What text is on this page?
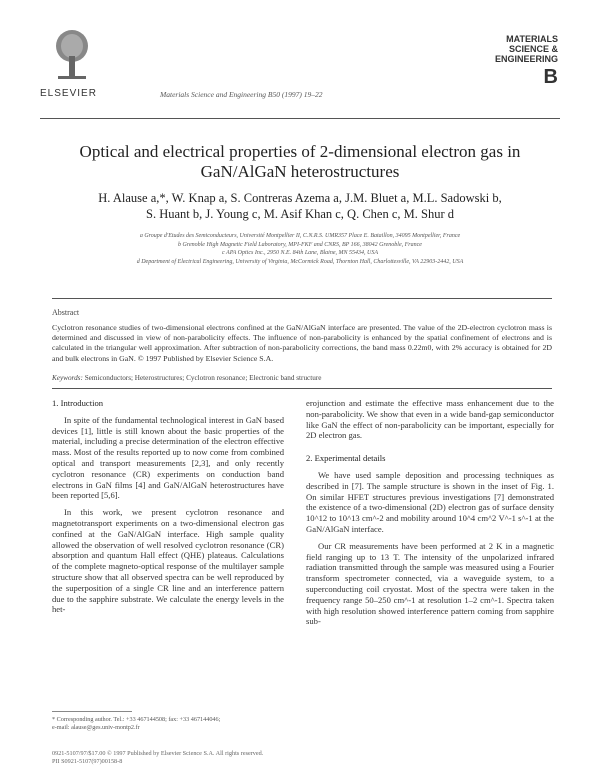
ELSEVIER	Materials Science and Engineering B50 (1997) 19–22
MATERIALS
SCIENCE &
ENGINEERING
B
Optical and electrical properties of 2-dimensional electron gas in
GaN/AlGaN heterostructures
H. Alause a,*, W. Knap a, S. Contreras Azema a, J.M. Bluet a, M.L. Sadowski b,
S. Huant b, J. Young c, M. Asif Khan c, Q. Chen c, M. Shur d
a Groupe d'Etudes des Semiconducteurs, Université Montpellier II, C.N.R.S. UMR357 Place E. Bataillon, 34095 Montpellier, France
b Grenoble High Magnetic Field Laboratory, MPI-FKF and CNRS, BP 166, 38042 Grenoble, France
c APA Optics Inc., 2950 N.E. 84th Lane, Blaine, MN 55434, USA
d Department of Electrical Engineering, University of Virginia, McCormick Road, Thornton Hall, Charlottesville, VA 22903-2442, USA
Abstract
Cyclotron resonance studies of two-dimensional electrons confined at the GaN/AlGaN interface are presented. The value of the 2D-electron cyclotron mass is determined and discussed in view of non-parabolicity effects. The influence of non-parabolicity is enhanced by the spatial confinement of electrons and is calculated in the triangular well approximation. After subtraction of non-parabolicity corrections, the band mass 0.22m0, with 2% accuracy is obtained for 2D and bulk electrons in GaN. © 1997 Published by Elsevier Science S.A.
Keywords: Semiconductors; Heterostructures; Cyclotron resonance; Electronic band structure
1. Introduction

In spite of the fundamental technological interest in GaN based devices [1], little is still known about the basic properties of the material, including a precise determination of the electron effective mass. Most of the results reported up to now come from combined optical and transport measurements [2,3], and only recently cyclotron resonance (CR) experiments on conduction band electrons in GaN films [4] and GaN/AlGaN heterostructures have been reported [5,6].

In this work, we present cyclotron resonance and magnetotransport experiments on a two-dimensional electron gas confined at the GaN/AlGaN interface. High sample quality allowed the observation of well resolved cyclotron resonance (CR) absorption and quantum Hall effect (QHE) plateaus. Calculations of the complete magneto-optical response of the multilayer sample structure show that all observed spectra can be well reproduced by the superposition of a single CR line and an interference pattern due to the sapphire substrate. We calculate the energy levels in the het-

erojunction and estimate the effective mass enhancement due to the non-parabolicity. We show that even in a wide band-gap semiconductor like GaN the effect of non-parabolicity can be important, especially for 2D electron gas.

2. Experimental details

We have used sample deposition and processing techniques as described in [7]. The sample structure is shown in the inset of Fig. 1. On similar HFET structures previous investigations [7] demonstrated the existence of a two-dimensional (2D) electron gas of surface density 10^12 to 10^13 cm^-2 and mobility around 10^4 cm^2 V^-1 s^-1 at the GaN/AlGaN interface.

Our CR measurements have been performed at 2 K in a magnetic field ranging up to 13 T. The intensity of the unpolarized infrared radiation transmitted through the sample was measured using a Fourier transform spectrometer connected, via a waveguide system, to a superconducting coil cryostat. Most of the spectra were taken in the frequency range 50–250 cm^-1 at resolution 1–2 cm^-1. Spectra taken with high resolution showed interference pattern coming from sapphire sub-

* Corresponding author. Tel.: +33 467144508; fax: +33 467144046;
e-mail: alause@ges.univ-montp2.fr
0921-5107/97/$17.00 © 1997 Published by Elsevier Science S.A. All rights reserved.
PII S0921-5107(97)00158-8
